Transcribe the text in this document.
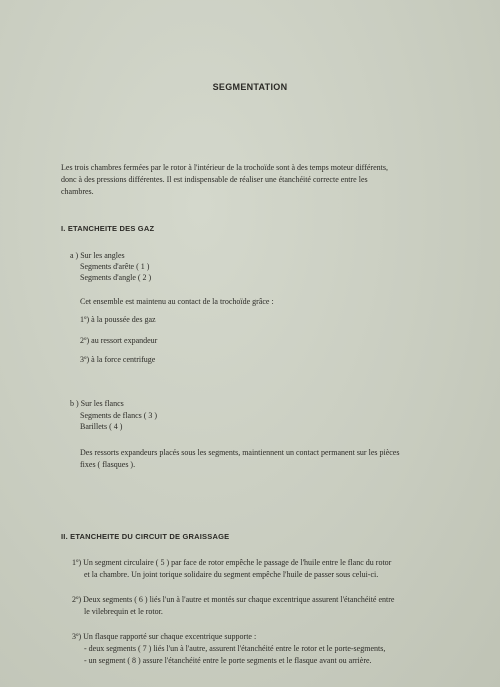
SEGMENTATION
Les trois chambres fermées par le rotor à l'intérieur de la trochoïde sont à des temps moteur différents,
donc à des pressions différentes. Il est indispensable de réaliser une étanchéité correcte entre les
chambres.
I. ETANCHEITE DES GAZ
a ) Sur les angles
Segments d'arête ( 1 )
Segments d'angle ( 2 )
Cet ensemble est maintenu au contact de la trochoïde grâce :
1º) à la poussée des gaz
2º) au ressort expandeur
3º) à la force centrifuge
b ) Sur les flancs
Segments de flancs ( 3 )
Barillets ( 4 )
Des ressorts expandeurs placés sous les segments, maintiennent un contact permanent sur les pièces
fixes ( flasques ).
II. ETANCHEITE DU CIRCUIT DE GRAISSAGE
1º) Un segment circulaire ( 5 ) par face de rotor empêche le passage de l'huile entre le flanc du rotor
et la chambre. Un joint torique solidaire du segment empêche l'huile de passer sous celui-ci.
2º) Deux segments ( 6 ) liés l'un à l'autre et montés sur chaque excentrique assurent l'étanchéité entre
le vilebrequin et le rotor.
3º) Un flasque rapporté sur chaque excentrique supporte :
- deux segments ( 7 ) liés l'un à l'autre, assurent l'étanchéité entre le rotor et le porte-segments,
- un segment ( 8 ) assure l'étanchéité entre le porte segments et le flasque avant ou arrière.
